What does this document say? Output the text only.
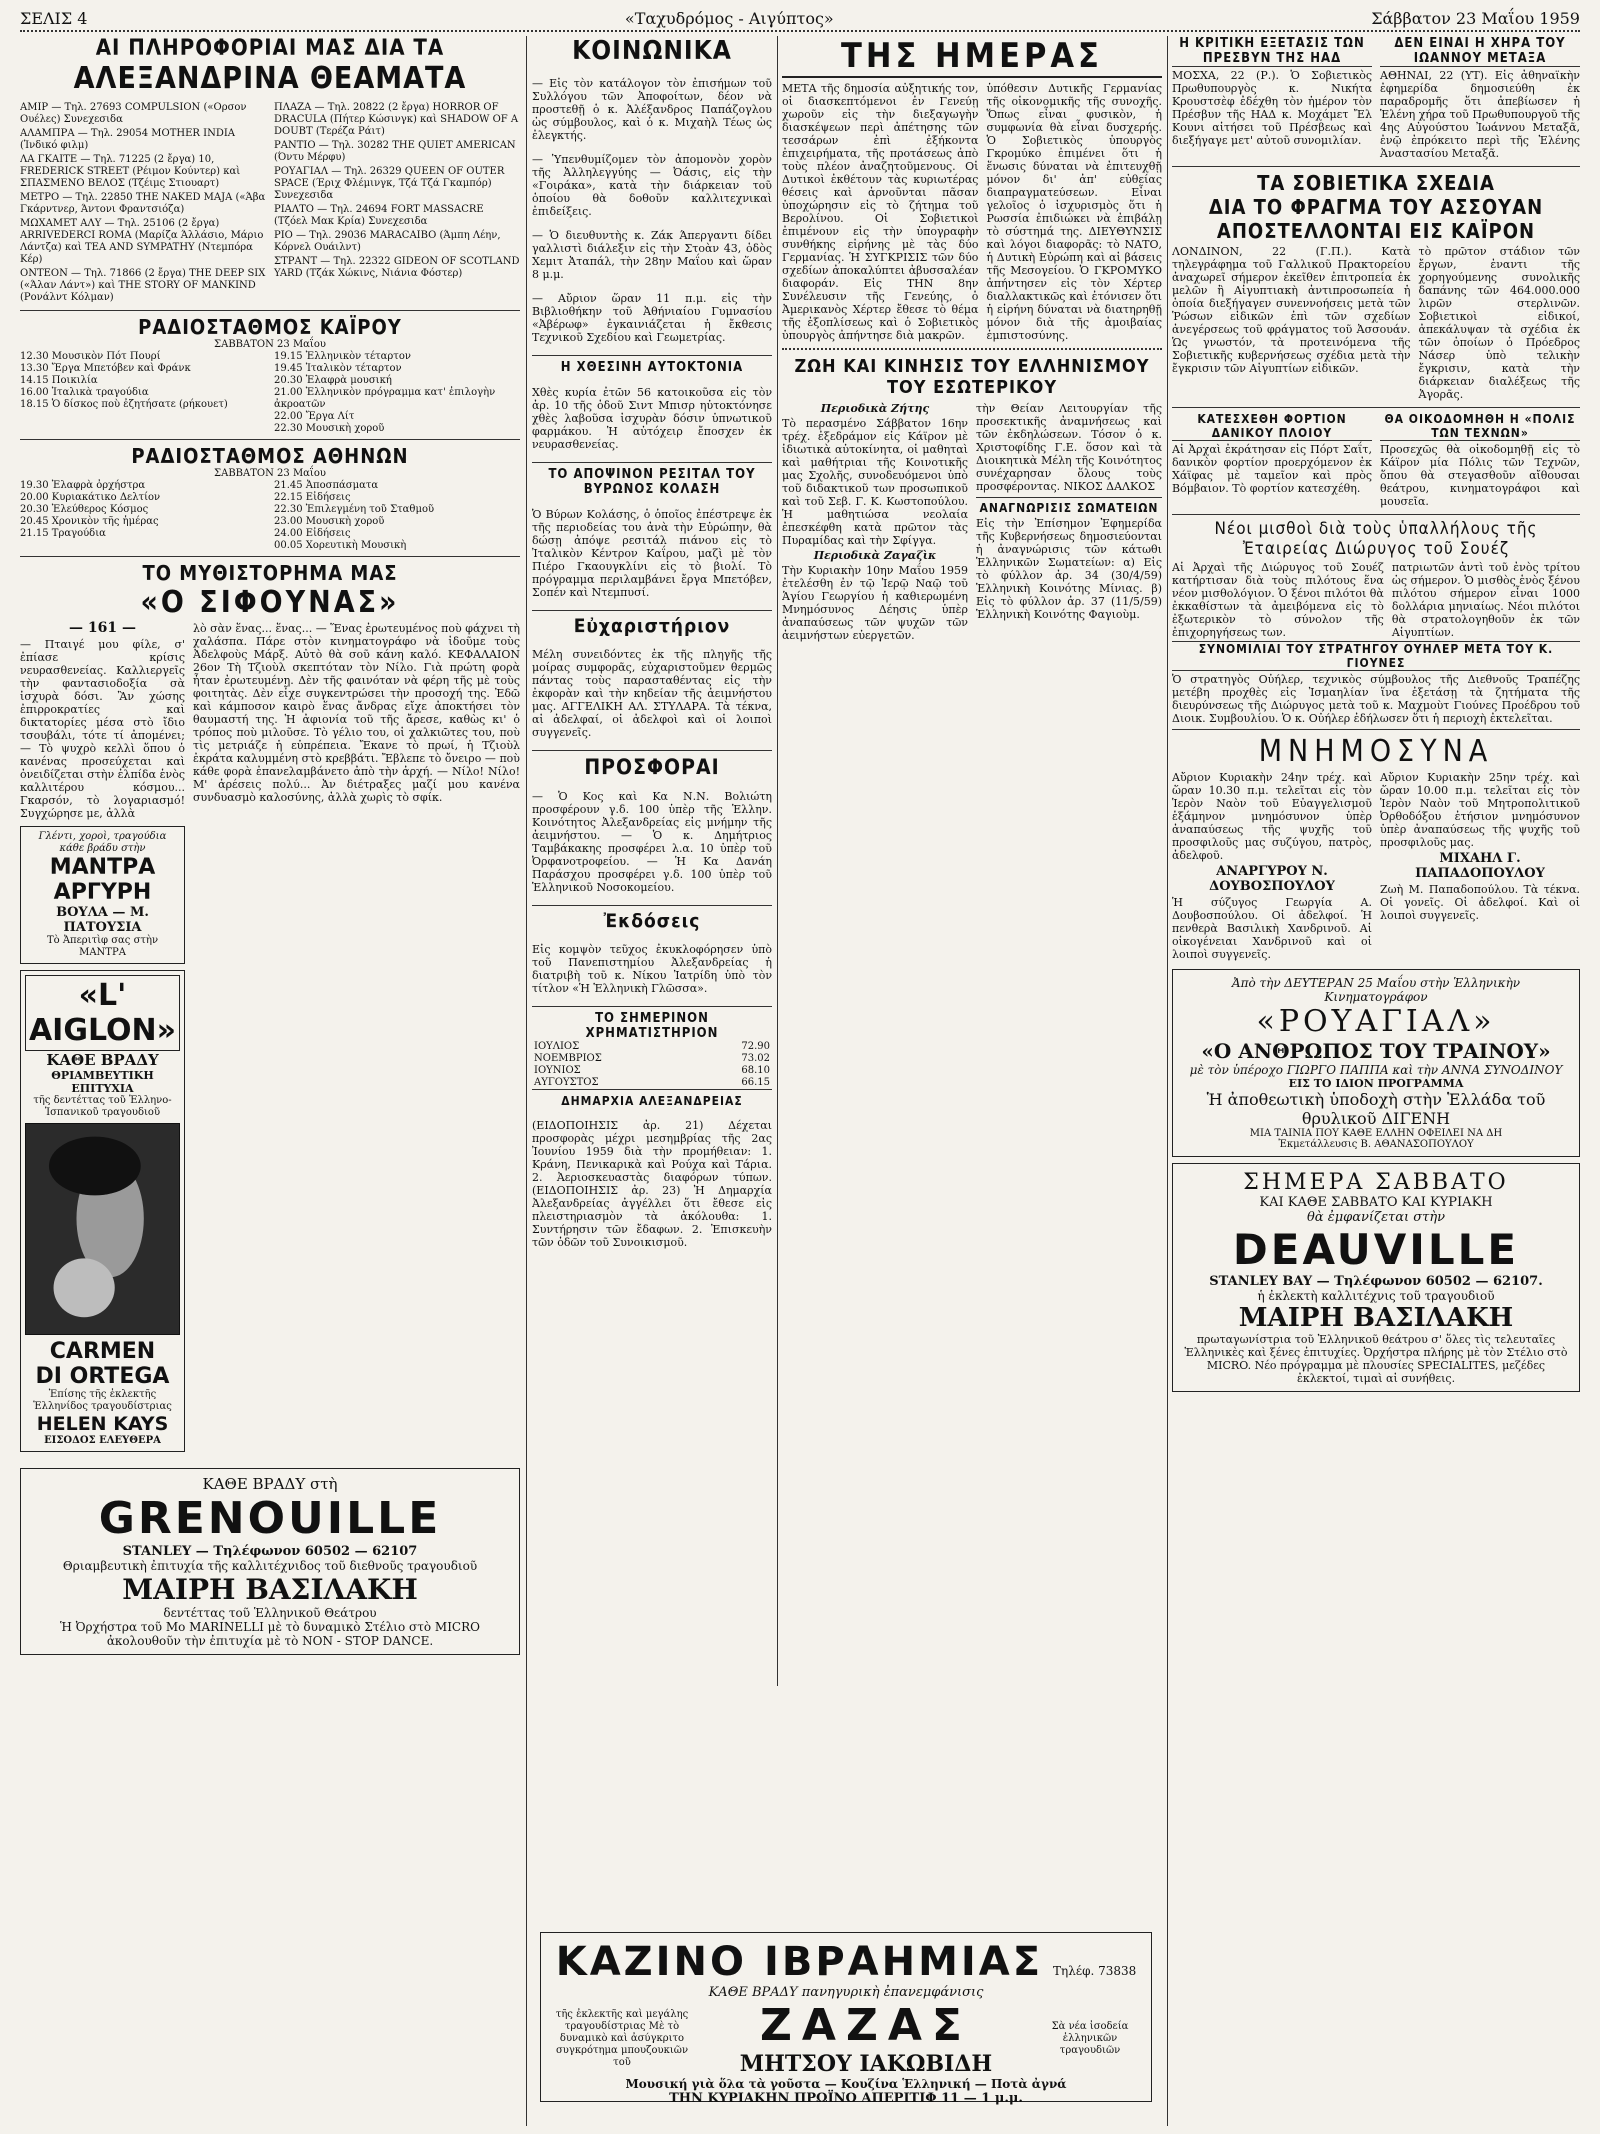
ΣΕΛΙΣ 4	«Ταχυδρόμος - Αιγύπτος»	Σάββατον 23 Μαΐου 1959
ΑΙ ΠΛΗΡΟΦΟΡΙΑΙ ΜΑΣ ΔΙΑ ΤΑ
ΑΛΕΞΑΝΔΡΙΝΑ ΘΕΑΜΑΤΑ

ΑΜΙΡ — Τηλ. 27693 COMPULSION («Ορσον Ουέλες) Συνεχεσιδα

ΑΛΑΜΠΡΑ — Τηλ. 29054 MOTHER INDIA (Ἰνδικό φιλμ)

ΛΑ ΓΚΑΙΤΕ — Τηλ. 71225 (2 ἔργα) 10, FREDERICK STREET (Ρέιμον Κούντερ) καὶ ΣΠΑΣΜΕΝΟ ΒΕΛΟΣ (Τζέιμς Στιουαρτ)

ΜΕΤΡΟ — Τηλ. 22850 THE NAKED MAJA («Άβα Γκάρντνερ, Άντονι Φραντσιόζα)

ΜΩΧΑΜΕΤ ΑΛΥ — Τηλ. 25106 (2 ἔργα) ARRIVEDERCI ROMA (Μαρίζα Άλλάσιο, Μάριο Λάντζα) καὶ TEA AND SYMPATHY (Ντεμπόρα Κέρ)

ΟΝΤΕΟΝ — Τηλ. 71866 (2 ἔργα) THE DEEP SIX («Άλαν Λάντ») καὶ THE STORY OF MANKIND (Ρονάλντ Κόλμαν)

ΠΛΑΖΑ — Τηλ. 20822 (2 ἔργα) HORROR OF DRACULA (Πήτερ Κώσινγκ) καὶ SHADOW OF A DOUBT (Τερέζα Ράιτ)

ΡΑΝΤΙΟ — Τηλ. 30282 THE QUIET AMERICAN (Όντυ Μέρφυ)

ΡΟΥΑΓΙΑΛ — Τηλ. 26329 QUEEN OF OUTER SPACE (Έριχ Φλέμινγκ, Τζά Τζά Γκαμπόρ) Συνεχεσιδα

ΡΙΑΛΤΟ — Τηλ. 24694 FORT MASSACRE (Τζόελ Μακ Κρία) Συνεχεσιδα

ΡΙΟ — Τηλ. 29036 MARACAIBO (Άμπη Λέην, Κόρνελ Ουάιλντ)

ΣΤΡΑΝΤ — Τηλ. 22322 GIDEON OF SCOTLAND YARD (Τζάκ Χώκινς, Νιάνια Φόστερ)

ΡΑΔΙΟΣΤΑΘΜΟΣ ΚΑΪΡΟΥ
ΣΑΒΒΑΤΟΝ 23 Μαΐου
12.30 Μουσικὸν Πότ Πουρί
13.30 Ἔργα Μπετόβεν καὶ Φράνκ
14.15 Ποικιλία
16.00 Ἰταλικὰ τραγούδια
18.15 Ὁ δίσκος ποὺ ἐζητήσατε (ρήκουετ)
19.15 Ἑλληνικὸν τέταρτον
19.45 Ἰταλικὸν τέταρτον
20.30 Ἐλαφρὰ μουσική
21.00 Ἑλληνικὸν πρόγραμμα κατ' ἐπιλογὴν ἀκροατῶν
22.00 Ἔργα Λίτ
22.30 Μουσικὴ χοροῦ
ΡΑΔΙΟΣΤΑΘΜΟΣ ΑΘΗΝΩΝ
ΣΑΒΒΑΤΟΝ 23 Μαΐου
19.30 Ἐλαφρὰ ὀρχήστρα
20.00 Κυριακάτικο Δελτίον
20.30 Ἐλεύθερος Κόσμος
20.45 Χρονικὸν τῆς ἡμέρας
21.15 Τραγούδια
21.45 Ἀποσπάσματα
22.15 Εἰδήσεις
22.30 Ἐπιλεγμένη τοῦ Σταθμοῦ
23.00 Μουσικὴ χοροῦ
24.00 Εἰδήσεις
00.05 Χορευτικὴ Μουσικὴ
ΤΟ ΜΥΘΙΣΤΟΡΗΜΑ ΜΑΣ
«Ο ΣΙΦΟΥΝΑΣ»
— 161 —

— Πταιγέ μου φίλε, σ' ἐπίασε κρίσις νευρασθενείας. Καλλιεργεῖς τὴν φαντασιοδοξία σὰ ἰσχυρὰ δόσι. Ἂν χώσης ἐπιρροκρατίες καὶ δικτατορίες μέσα στὸ ἴδιο τσουβάλι, τότε τί ἀπομένει; — Τὸ ψυχρὸ κελλὶ ὅπου ὁ κανένας προσεύχεται καὶ ὀνειδίζεται στὴν ἐλπίδα ἑνὸς καλλιτέρου κόσμου... Γκαρσόν, τὸ λογαριασμό! Συγχώρησε με, ἀλλὰ

Γλέντι, χοροὶ, τραγούδια κάθε βράδυ στὴν
ΜΑΝΤΡΑ ΑΡΓΥΡΗ
ΒΟΥΛΑ — Μ. ΠΑΤΟΥΣΙΑ
Τὸ Ἀπεριτὶφ σας στὴν ΜΑΝΤΡΑ
«L' AIGLON»
ΚΑΘΕ ΒΡΑΔΥ
ΘΡΙΑΜΒΕΥΤΙΚΗ ΕΠΙΤΥΧΙΑ
τῆς δεντέττας τοῦ Ἑλληνο-Ἱσπανικοῦ τραγουδιοῦ
CARMEN
DI ORTEGA
Ἐπίσης τῆς ἐκλεκτῆς Ἑλληνίδος τραγουδίστριας
HELEN KAYS
ΕΙΣΟΔΟΣ ΕΛΕΥΘΕΡΑ

λὸ σὰν ἕνας... ἕνας... — Ἕνας ἐρωτευμένος ποὺ φάχνει τὴ χαλάσπα. Πάρε στὸν κινηματογράφο νὰ ἰδοῦμε τοὺς Ἀδελφοὺς Μάρξ. Αὐτὸ θὰ σοῦ κάνη καλό. ΚΕΦΑΛΑΙΟΝ 26ον Τὴ Τζιοὺλ σκεπτόταν τὸν Νίλο. Γιὰ πρώτη φορὰ ἦταν ἐρωτευμένη. Δὲν τῆς φαινόταν νὰ φέρη τῆς μὲ τοὺς φοιτητὰς. Δὲν εἶχε συγκεντρώσει τὴν προσοχή της. Ἐδῶ καὶ κάμποσον καιρὸ ἕνας ἄνδρας εἴχε ἀποκτήσει τὸν θαυμαστή της. Ἡ ἀφιονία τοῦ τῆς ἄρεσε, καθὼς κι' ὁ τρόπος ποὺ μιλοῦσε. Τὸ γέλιο του, οἱ χαλκιῶτες του, ποὺ τὶς μετριάζε ἡ εὐπρέπεια. Ἔκανε τὸ πρωί, ἡ Τζιοὺλ ἐκράτα καλυμμένη στὸ κρεββάτι. Ἔβλεπε τὸ ὄνειρο — ποὺ κάθε φορὰ ἐπανελαμβάνετο ἀπὸ τὴν ἀρχή. — Νίλο! Νίλο! Μ' ἀρέσεις πολύ... Ἀν διέτραξες μαζί μου κανένα συνδυασμὸ καλοσύνης, ἀλλὰ χωρὶς τὸ σφίκ.

ΚΑΘΕ ΒΡΑΔΥ στὴ
GRENOUILLE
STANLEY — Τηλέφωνον 60502 — 62107
Θριαμβευτικὴ ἐπιτυχία τῆς καλλιτέχνιδος τοῦ διεθνοῦς τραγουδιοῦ
ΜΑΙΡΗ ΒΑΣΙΛΑΚΗ
δεντέττας τοῦ Ἑλληνικοῦ Θεάτρου
Ἡ Ὀρχήστρα τοῦ Μο MARINELLI μὲ τὸ δυναμικὸ Στέλιο στὸ MICRO ἀκολουθοῦν τὴν ἐπιτυχία μὲ τὸ NON - STOP DANCE.
ΚΟΙΝΩΝΙΚΑ

— Εἰς τὸν κατάλογον τὸν ἐπισήμων τοῦ Συλλόγου τῶν Ἀποφοίτων, δέον νὰ προστεθῇ ὁ κ. Ἀλέξανδρος Παπάζογλου ὡς σύμβουλος, καὶ ὁ κ. Μιχαὴλ Τέως ὡς ἐλεγκτής.

— Ὑπενθυμίζομεν τὸν ἀπομονὸν χορὸν τῆς Ἀλληλεγγύης — Ὀάσις, εἰς τὴν «Γοιράκα», κατὰ τὴν διάρκειαν τοῦ ὁποίου θὰ δοθοῦν καλλιτεχνικαὶ ἐπιδείξεις.

— Ὁ διευθυντὴς κ. Ζάκ Άπεργαντι δίδει γαλλιστὶ διάλεξιν εἰς τὴν Στοὰν 43, ὁδὸς Χεμιτ Ἀταπάλ, τὴν 28ην Μαΐου καὶ ὥραν 8 μ.μ.

— Αὔριον ὥραν 11 π.μ. εἰς τὴν Βιβλιοθήκην τοῦ Ἀθήνιαίου Γυμνασίου «Ἀβέρωφ» ἐγκαινιάζεται ἡ ἔκθεσις Τεχνικοῦ Σχεδίου καὶ Γεωμετρίας.

Η ΧΘΕΣΙΝΗ ΑΥΤΟΚΤΟΝΙΑ

Χθὲς κυρία ἐτῶν 56 κατοικοῦσα εἰς τὸν ἀρ. 10 τῆς ὁδοῦ Σιντ Μπισρ ηὐτοκτόνησε χθὲς λαβοῦσα ἰσχυρὰν δόσιν ὑπνωτικοῦ φαρμάκου. Ἡ αὐτόχειρ ἔποσχεν ἐκ νευρασθενείας.

ΤΟ ΑΠΟΨΙΝΟΝ ΡΕΣΙΤΑΛ ΤΟΥ ΒΥΡΩΝΟΣ ΚΟΛΑΣΗ

Ὁ Βύρων Κολάσης, ὁ ὁποῖος ἐπέστρεψε ἐκ τῆς περιοδείας του ἀνὰ τὴν Εὐρώπην, θὰ δώσῃ ἀπόψε ρεσιτάλ πιάνου εἰς τὸ Ἰταλικὸν Κέντρον Καΐρου, μαζὶ μὲ τὸν Πιέρο Γκαουγκλίνι εἰς τὸ βιολί. Τὸ πρόγραμμα περιλαμβάνει ἔργα Μπετόβεν, Σοπέν καὶ Ντεμπυσί.

Εὐχαριστήριον

Μέλη συνειδόντες ἐκ τῆς πληγῆς τῆς μοίρας συμφορᾶς, εὐχαριστοῦμεν θερμῶς πάντας τοὺς παρασταθέντας εἰς τὴν ἐκφορὰν καὶ τὴν κηδείαν τῆς ἀειμνήστου μας. ΑΓΓΕΛΙΚΗ ΑΛ. ΣΤΥΛΑΡΑ. Τὰ τέκνα, αἱ ἀδελφαί, οἱ ἀδελφοὶ καὶ οἱ λοιποὶ συγγενεῖς.

ΠΡΟΣΦΟΡΑΙ

— Ὁ Κος καὶ Κα Ν.Ν. Βολιώτη προσφέρουν γ.δ. 100 ὑπὲρ τῆς Ἑλλην. Κοινότητος Ἀλεξανδρείας εἰς μνήμην τῆς ἀειμνήστου. — Ὁ κ. Δημήτριος Ταμβάκακης προσφέρει λ.α. 10 ὑπὲρ τοῦ Ὀρφανοτροφείου. — Ἡ Κα Δανάη Παράσχου προσφέρει γ.δ. 100 ὑπὲρ τοῦ Ἑλληνικοῦ Νοσοκομείου.

Ἐκδόσεις

Εἰς κομψὸν τεῦχος ἐκυκλοφόρησεν ὑπὸ τοῦ Πανεπιστημίου Ἀλεξανδρείας ἡ διατριβὴ τοῦ κ. Νίκου Ἰατρίδη ὑπὸ τὸν τίτλον «Ἡ Ἑλληνικὴ Γλῶσσα».

ΤΟ ΣΗΜΕΡΙΝΟΝ ΧΡΗΜΑΤΙΣΤΗΡΙΟΝ
ΙΟΥΛΙΟΣ	72.90
ΝΟΕΜΒΡΙΟΣ	73.02
ΙΟΥΝΙΟΣ	68.10
ΑΥΓΟΥΣΤΟΣ	66.15
ΔΗΜΑΡΧΙΑ ΑΛΕΞΑΝΔΡΕΙΑΣ

(ΕΙΔΟΠΟΙΗΣΙΣ ἀρ. 21) Δέχεται προσφορὰς μέχρι μεσημβρίας τῆς 2ας Ἰουνίου 1959 διὰ τὴν προμήθειαν: 1. Κράνη, Πενικαρικὰ καὶ Ρούχα καὶ Τάρια. 2. Ἀεριοσκευαστὰς διαφόρων τύπων. (ΕΙΔΟΠΟΙΗΣΙΣ ἀρ. 23) Ἡ Δημαρχία Ἀλεξανδρείας ἀγγέλλει ὅτι ἔθεσε εἰς πλειστηριασμὸν τὰ ἀκόλουθα: 1. Συντήρησιν τῶν ἔδαφων. 2. Ἐπισκευὴν τῶν ὁδῶν τοῦ Συνοικισμοῦ.

ΤΗΣ ΗΜΕΡΑΣ

ΜΕΤΑ τῆς δημοσία αὐξητικής τον, οἱ διασκεπτόμενοι ἐν Γενεύῃ χωροῦν εἰς τὴν διεξαγωγὴν διασκέψεων περὶ ἀπέτησης τῶν τεσσάρων ἐπὶ ἐξήκοντα ἐπιχειρήματα, τῆς προτάσεως ἀπὸ τοὺς πλέον ἀναζητοῦμενους. Οἱ Δυτικοὶ ἐκθέτουν τὰς κυριωτέρας θέσεις καὶ ἀρνοῦνται πᾶσαν ὑποχώρησιν εἰς τὸ ζήτημα τοῦ Βερολίνου. Οἱ Σοβιετικοὶ ἐπιμένουν εἰς τὴν ὑπογραφὴν συνθήκης εἰρήνης μὲ τὰς δύο Γερμανίας. Ἡ ΣΥΓΚΡΙΣΙΣ τῶν δύο σχεδίων ἀποκαλύπτει ἀβυσσαλέαν διαφοράν. Εἰς ΤΗΝ 8ην Συνέλευσιν τῆς Γενεύης, ὁ Ἀμερικανὸς Χέρτερ ἔθεσε τὸ θέμα τῆς ἐξοπλίσεως καὶ ὁ Σοβιετικὸς ὑπουργὸς ἀπήντησε διὰ μακρῶν.

ὑπόθεσιν Δυτικῆς Γερμανίας τῆς οἰκονομικῆς τῆς συνοχῆς. Ὅπως εἶναι φυσικὸν, ἡ συμφωνία θὰ εἶναι δυσχερής. Ὁ Σοβιετικὸς ὑπουργὸς Γκρομύκο ἐπιμένει ὅτι ἡ ἕνωσις δύναται νὰ ἐπιτευχθῇ μόνον δι' ἀπ' εὐθείας διαπραγματεύσεων. Εἶναι γελοῖος ὁ ἰσχυρισμὸς ὅτι ἡ Ρωσσία ἐπιδιώκει νὰ ἐπιβάλῃ τὸ σύστημά της. ΔΙΕΥΘΥΝΣΙΣ καὶ λόγοι διαφορᾶς: τὸ ΝΑΤΟ, ἡ Δυτικὴ Εὐρώπη καὶ αἱ βάσεις τῆς Μεσογείου. Ὁ ΓΚΡΟΜΥΚΟ ἀπήντησεν εἰς τὸν Χέρτερ διαλλακτικῶς καὶ ἐτόνισεν ὅτι ἡ εἰρήνη δύναται νὰ διατηρηθῇ μόνον διὰ τῆς ἀμοιβαίας ἐμπιστοσύνης.

ΖΩΗ ΚΑΙ ΚΙΝΗΣΙΣ ΤΟΥ ΕΛΛΗΝΙΣΜΟΥ ΤΟΥ ΕΣΩΤΕΡΙΚΟΥ
Περιοδικὰ Ζήτης

Τὸ περασμένο Σάββατον 16ην τρέχ. ἐξεδράμον εἰς Κάϊρον μὲ ἰδιωτικὰ αὐτοκίνητα, οἱ μαθηταὶ καὶ μαθήτριαι τῆς Κοινοτικῆς μας Σχολῆς, συνοδευόμενοι ὑπὸ τοῦ διδακτικοῦ των προσωπικοῦ καὶ τοῦ Σεβ. Γ. Κ. Κωστοπούλου. Ἡ μαθητιώσα νεολαία ἐπεσκέφθη κατὰ πρῶτον τὰς Πυραμίδας καὶ τὴν Σφίγγα.

Περιοδικὰ Ζαγαζὶκ

Τὴν Κυριακὴν 10ην Μαΐου 1959 ἐτελέσθη ἐν τῷ Ἱερῷ Ναῷ τοῦ Ἁγίου Γεωργίου ἡ καθιερωμένη Μνημόσυνος Δέησις ὑπὲρ ἀναπαύσεως τῶν ψυχῶν τῶν ἀειμνήστων εὐεργετῶν.

τὴν Θείαν Λειτουργίαν τῆς προσεκτικῆς ἀναμνήσεως καὶ τῶν ἐκδηλώσεων. Τόσον ὁ κ. Χριστοφίδης Γ.Ε. ὅσον καὶ τὰ Διοικητικὰ Μέλη τῆς Κοινότητος συνέχαρησαν ὅλους τοὺς προσφέροντας. ΝΙΚΟΣ ΔΑΛΚΟΣ

ΑΝΑΓΝΩΡΙΣΙΣ ΣΩΜΑΤΕΙΩΝ

Εἰς τὴν Ἐπίσημον Ἐφημερίδα τῆς Κυβερνήσεως δημοσιεύονται ἡ ἀναγνώρισις τῶν κάτωθι Ἑλληνικῶν Σωματείων: α) Εἰς τὸ φύλλον ἀρ. 34 (30/4/59) Ἑλληνικὴ Κοινότης Μίνιας. β) Εἰς τὸ φύλλον ἀρ. 37 (11/5/59) Ἑλληνικὴ Κοινότης Φαγιοὺμ.

ΚΑΖΙΝΟ ΙΒΡΑΗΜΙΑΣ Τηλέφ. 73838
ΚΑΘΕ ΒΡΑΔΥ πανηγυρικὴ ἐπανεμφάνισις
τῆς ἐκλεκτῆς καὶ μεγάλης τραγουδίστριας Μὲ τὸ δυναμικὸ καὶ ἀσύγκριτο συγκρότημα μπουζουκιῶν τοῦ
ΖΑΖΑΣ
ΜΗΤΣΟΥ ΙΑΚΩΒΙΔΗ
Σὰ νέα ἰσοδεία ἐλληνικῶν τραγουδιῶν
Μουσική γιὰ ὅλα τὰ γοῦστα — Κουζίνα Ἑλληνική — Ποτὰ ἀγνά
ΤΗΝ ΚΥΡΙΑΚΗΝ ΠΡΩΪΝΟ ΑΠΕΡΙΤΙΦ 11 — 1 μ.μ.
Η ΚΡΙΤΙΚΗ ΕΞΕΤΑΣΙΣ ΤΩΝ ΠΡΕΣΒΥΝ ΤΗΣ ΗΑΔ

ΜΟΣΧΑ, 22 (Ρ.). Ὁ Σοβιετικὸς Πρωθυπουργὸς κ. Νικήτα Κρουστσὲφ ἐδέχθη τὸν ἡμέρον τὸν Πρέσβυν τῆς ΗΑΔ κ. Μοχάμετ Ἔλ Κουνι αἰτήσει τοῦ Πρέσβεως καὶ διεξήγαγε μετ' αὐτοῦ συνομιλίαν.

ΔΕΝ ΕΙΝΑΙ Η ΧΗΡΑ ΤΟΥ ΙΩΑΝΝΟΥ ΜΕΤΑΞΑ

ΑΘΗΝΑΙ, 22 (ΥΤ). Εἰς ἀθηναϊκὴν ἐφημερίδα δημοσιεύθη ἐκ παραδρομῆς ὅτι ἀπεβίωσεν ἡ Ἑλένη χήρα τοῦ Πρωθυπουργοῦ τῆς 4ης Αὐγούστου Ἰωάννου Μεταξᾶ, ἐνῷ ἐπρόκειτο περὶ τῆς Ἑλένης Ἀναστασίου Μεταξᾶ.

ΤΑ ΣΟΒΙΕΤΙΚΑ ΣΧΕΔΙΑ
ΔΙΑ ΤΟ ΦΡΑΓΜΑ ΤΟΥ ΑΣΣΟΥΑΝ
ΑΠΟΣΤΕΛΛΟΝΤΑΙ ΕΙΣ ΚΑΪΡΟΝ

ΛΟΝΔΙΝΟΝ, 22 (Γ.Π.). Κατὰ τηλεγράφημα τοῦ Γαλλικοῦ Πρακτορείου ἀναχωρεῖ σήμερον ἐκεῖθεν ἐπιτροπεία ἐκ μελῶν ἢ Αἰγυπτιακὴ ἀντιπροσωπεία ἡ ὁποία διεξήγαγεν συνεννοήσεις μετὰ τῶν Ῥώσων εἰδικῶν ἐπὶ τῶν σχεδίων ἀνεγέρσεως τοῦ φράγματος τοῦ Ἀσσουάν. Ὡς γνωστόν, τὰ προτεινόμενα τῆς Σοβιετικῆς κυβερνήσεως σχέδια μετὰ τὴν ἔγκρισιν τῶν Αἰγυπτίων εἰδικῶν.

τὸ πρῶτον στάδιον τῶν ἔργων, ἐναντι τῆς χορηγούμενης συνολικῆς δαπάνης τῶν 464.000.000 λιρῶν στερλινῶν. Σοβιετικοὶ εἰδικοί, ἀπεκάλυψαν τὰ σχέδια ἐκ τῶν ὁποίων ὁ Πρόεδρος Νάσερ ὑπὸ τελικὴν ἔγκρισιν, κατὰ τὴν διάρκειαν διαλέξεως τῆς Ἀγορᾶς.

ΚΑΤΕΣΧΕΘΗ ΦΟΡΤΙΟΝ ΔΑΝΙΚΟΥ ΠΛΟΙΟΥ

Αἱ Ἀρχαὶ ἐκράτησαν εἰς Πόρτ Σαΐτ, δανικὸν φορτίον προερχόμενον ἐκ Χάϊφας μὲ ταμεῖον καὶ πρὸς Βόμβαιον. Τὸ φορτίον κατεσχέθη.

ΘΑ ΟΙΚΟΔΟΜΗΘΗ Η «ΠΟΛΙΣ ΤΩΝ ΤΕΧΝΩΝ»

Προσεχῶς θὰ οἰκοδομηθῇ εἰς τὸ Κάϊρον μία Πόλις τῶν Τεχνῶν, ὅπου θὰ στεγασθοῦν αἴθουσαι θεάτρου, κινηματογράφοι καὶ μουσεῖα.

Νέοι μισθοὶ διὰ τοὺς ὑπαλλήλους τῆς Ἐταιρείας Διώρυγος τοῦ Σουέζ

Αἱ Ἀρχαὶ τῆς Διώρυγος τοῦ Σουέζ κατήρτισαν διὰ τοὺς πιλότους ἕνα νέον μισθολόγιον. Ὁ ξένοι πιλότοι θὰ ἐκκαθίστων τὰ ἀμειβόμενα εἰς τὸ ἐξωτερικὸν τὸ σύνολον τῆς ἐπιχορηγήσεως των.

πατριωτῶν ἀντὶ τοῦ ἐνὸς τρίτου ὡς σήμερον. Ὁ μισθὸς ἑνὸς ξένου πιλότου σήμερον εἶναι 1000 δολλάρια μηνιαίως. Νέοι πιλότοι θὰ στρατολογηθοῦν ἐκ τῶν Αἰγυπτίων.

ΣΥΝΟΜΙΛΙΑΙ ΤΟΥ ΣΤΡΑΤΗΓΟΥ ΟΥΗΛΕΡ ΜΕΤΑ ΤΟΥ Κ. ΓΙΟΥΝΕΣ

Ὁ στρατηγὸς Οὐήλερ, τεχνικὸς σύμβουλος τῆς Διεθνοῦς Τραπέζης μετέβη προχθὲς εἰς Ἰσμαηλίαν ἵνα ἐξετάσῃ τὰ ζητήματα τῆς διευρύνσεως τῆς Διώρυγος μετὰ τοῦ κ. Μαχμοὺτ Γιούνες Προέδρου τοῦ Διοικ. Συμβουλίου. Ὁ κ. Οὐήλερ ἐδήλωσεν ὅτι ἡ περιοχὴ ἐκτελεῖται.

ΜΝΗΜΟΣΥΝΑ

Αὔριον Κυριακὴν 24ην τρέχ. καὶ ὥραν 10.30 π.μ. τελεῖται εἰς τὸν Ἱερὸν Ναὸν τοῦ Εὐαγγελισμοῦ ἑξάμηνον μνημόσυνον ὑπὲρ ἀναπαύσεως τῆς ψυχῆς τοῦ προσφιλοῦς μας συζύγου, πατρὸς, ἀδελφοῦ.

ΑΝΑΡΓΥΡΟΥ Ν. ΔΟΥΒΟΣΠΟΥΛΟΥ

Ἡ σύζυγος Γεωργία Α. Δουβοσπούλου. Οἱ ἀδελφοί. Ἡ πενθερὰ Βασιλικὴ Χανδρινοῦ. Αἱ οἰκογένειαι Χανδρινοῦ καὶ οἱ λοιποὶ συγγενεῖς.

Αὔριον Κυριακὴν 25ην τρέχ. καὶ ὥραν 10.00 π.μ. τελεῖται εἰς τὸν Ἱερὸν Ναὸν τοῦ Μητροπολιτικοῦ Ὀρθοδόξου ἐτήσιον μνημόσυνον ὑπὲρ ἀναπαύσεως τῆς ψυχῆς τοῦ προσφιλοῦς μας.

ΜΙΧΑΗΛ Γ. ΠΑΠΑΔΟΠΟΥΛΟΥ

Ζωὴ Μ. Παπαδοπούλου. Τὰ τέκνα. Οἱ γονεῖς. Οἱ ἀδελφοί. Καὶ οἱ λοιποὶ συγγενεῖς.

Ἀπὸ τὴν ΔΕΥΤΕΡΑΝ 25 Μαΐου στὴν Ἑλληνικὴν Κινηματογράφον
«ΡΟΥΑΓΙΑΛ»
«Ο ΑΝΘΡΩΠΟΣ ΤΟΥ ΤΡΑΙΝΟΥ»
μὲ τὸν ὑπέροχο ΓΙΩΡΓΟ ΠΑΠΠΑ καὶ τὴν ΑΝΝΑ ΣΥΝΟΔΙΝΟΥ
ΕΙΣ ΤΟ ΙΔΙΟΝ ΠΡΟΓΡΑΜΜΑ
Ἡ ἀποθεωτικὴ ὑποδοχὴ στὴν Ἑλλάδα τοῦ θρυλικοῦ ΔΙΓΕΝΗ
ΜΙΑ ΤΑΙΝΙΑ ΠΟΥ ΚΑΘΕ ΕΛΛΗΝ ΟΦΕΙΛΕΙ ΝΑ ΔΗ
Ἐκμετάλλευσις Β. ΑΘΑΝΑΣΟΠΟΥΛΟΥ
ΣΗΜΕΡΑ ΣΑΒΒΑΤΟ
ΚΑΙ ΚΑΘΕ ΣΑΒΒΑΤΟ ΚΑΙ ΚΥΡΙΑΚΗ
θὰ ἐμφανίζεται στὴν
DEAUVILLE
STANLEY BAY — Τηλέφωνον 60502 — 62107.
ἡ ἐκλεκτὴ καλλιτέχνις τοῦ τραγουδιοῦ
ΜΑΙΡΗ ΒΑΣΙΛΑΚΗ
πρωταγωνίστρια τοῦ Ἑλληνικοῦ θεάτρου σ' ὅλες τὶς τελευταῖες Ἑλληνικὲς καὶ ξένες ἐπιτυχίες. Ὀρχήστρα πλήρης μὲ τὸν Στέλιο στὸ MICRO. Νέο πρόγραμμα μὲ πλουσίες SPECIALITES, μεζέδες ἐκλεκτοί, τιμαὶ αἱ συνήθεις.
